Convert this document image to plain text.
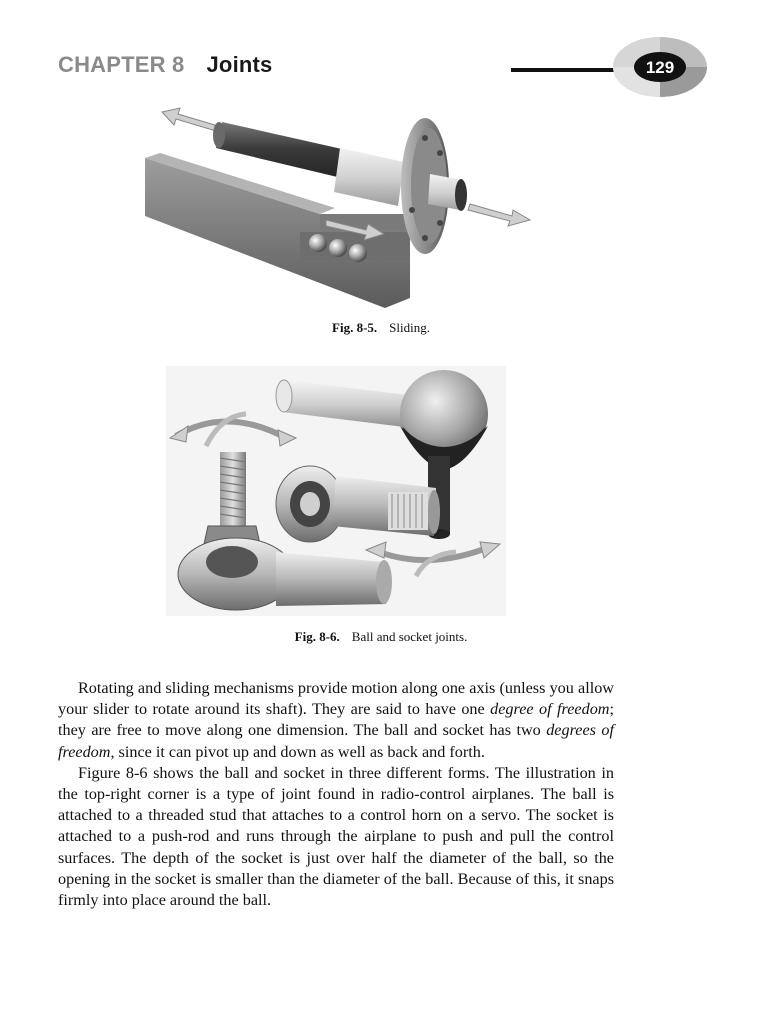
CHAPTER 8 Joints	129
Fig. 8-5. Sliding.
Fig. 8-6. Ball and socket joints.

Rotating and sliding mechanisms provide motion along one axis (unless you allow your slider to rotate around its shaft). They are said to have one degree of freedom; they are free to move along one dimension. The ball and socket has two degrees of freedom, since it can pivot up and down as well as back and forth.

Figure 8-6 shows the ball and socket in three different forms. The illustration in the top-right corner is a type of joint found in radio-control airplanes. The ball is attached to a threaded stud that attaches to a control horn on a servo. The socket is attached to a push-rod and runs through the airplane to push and pull the control surfaces. The depth of the socket is just over half the diameter of the ball, so the opening in the socket is smaller than the diameter of the ball. Because of this, it snaps firmly into place around the ball.
